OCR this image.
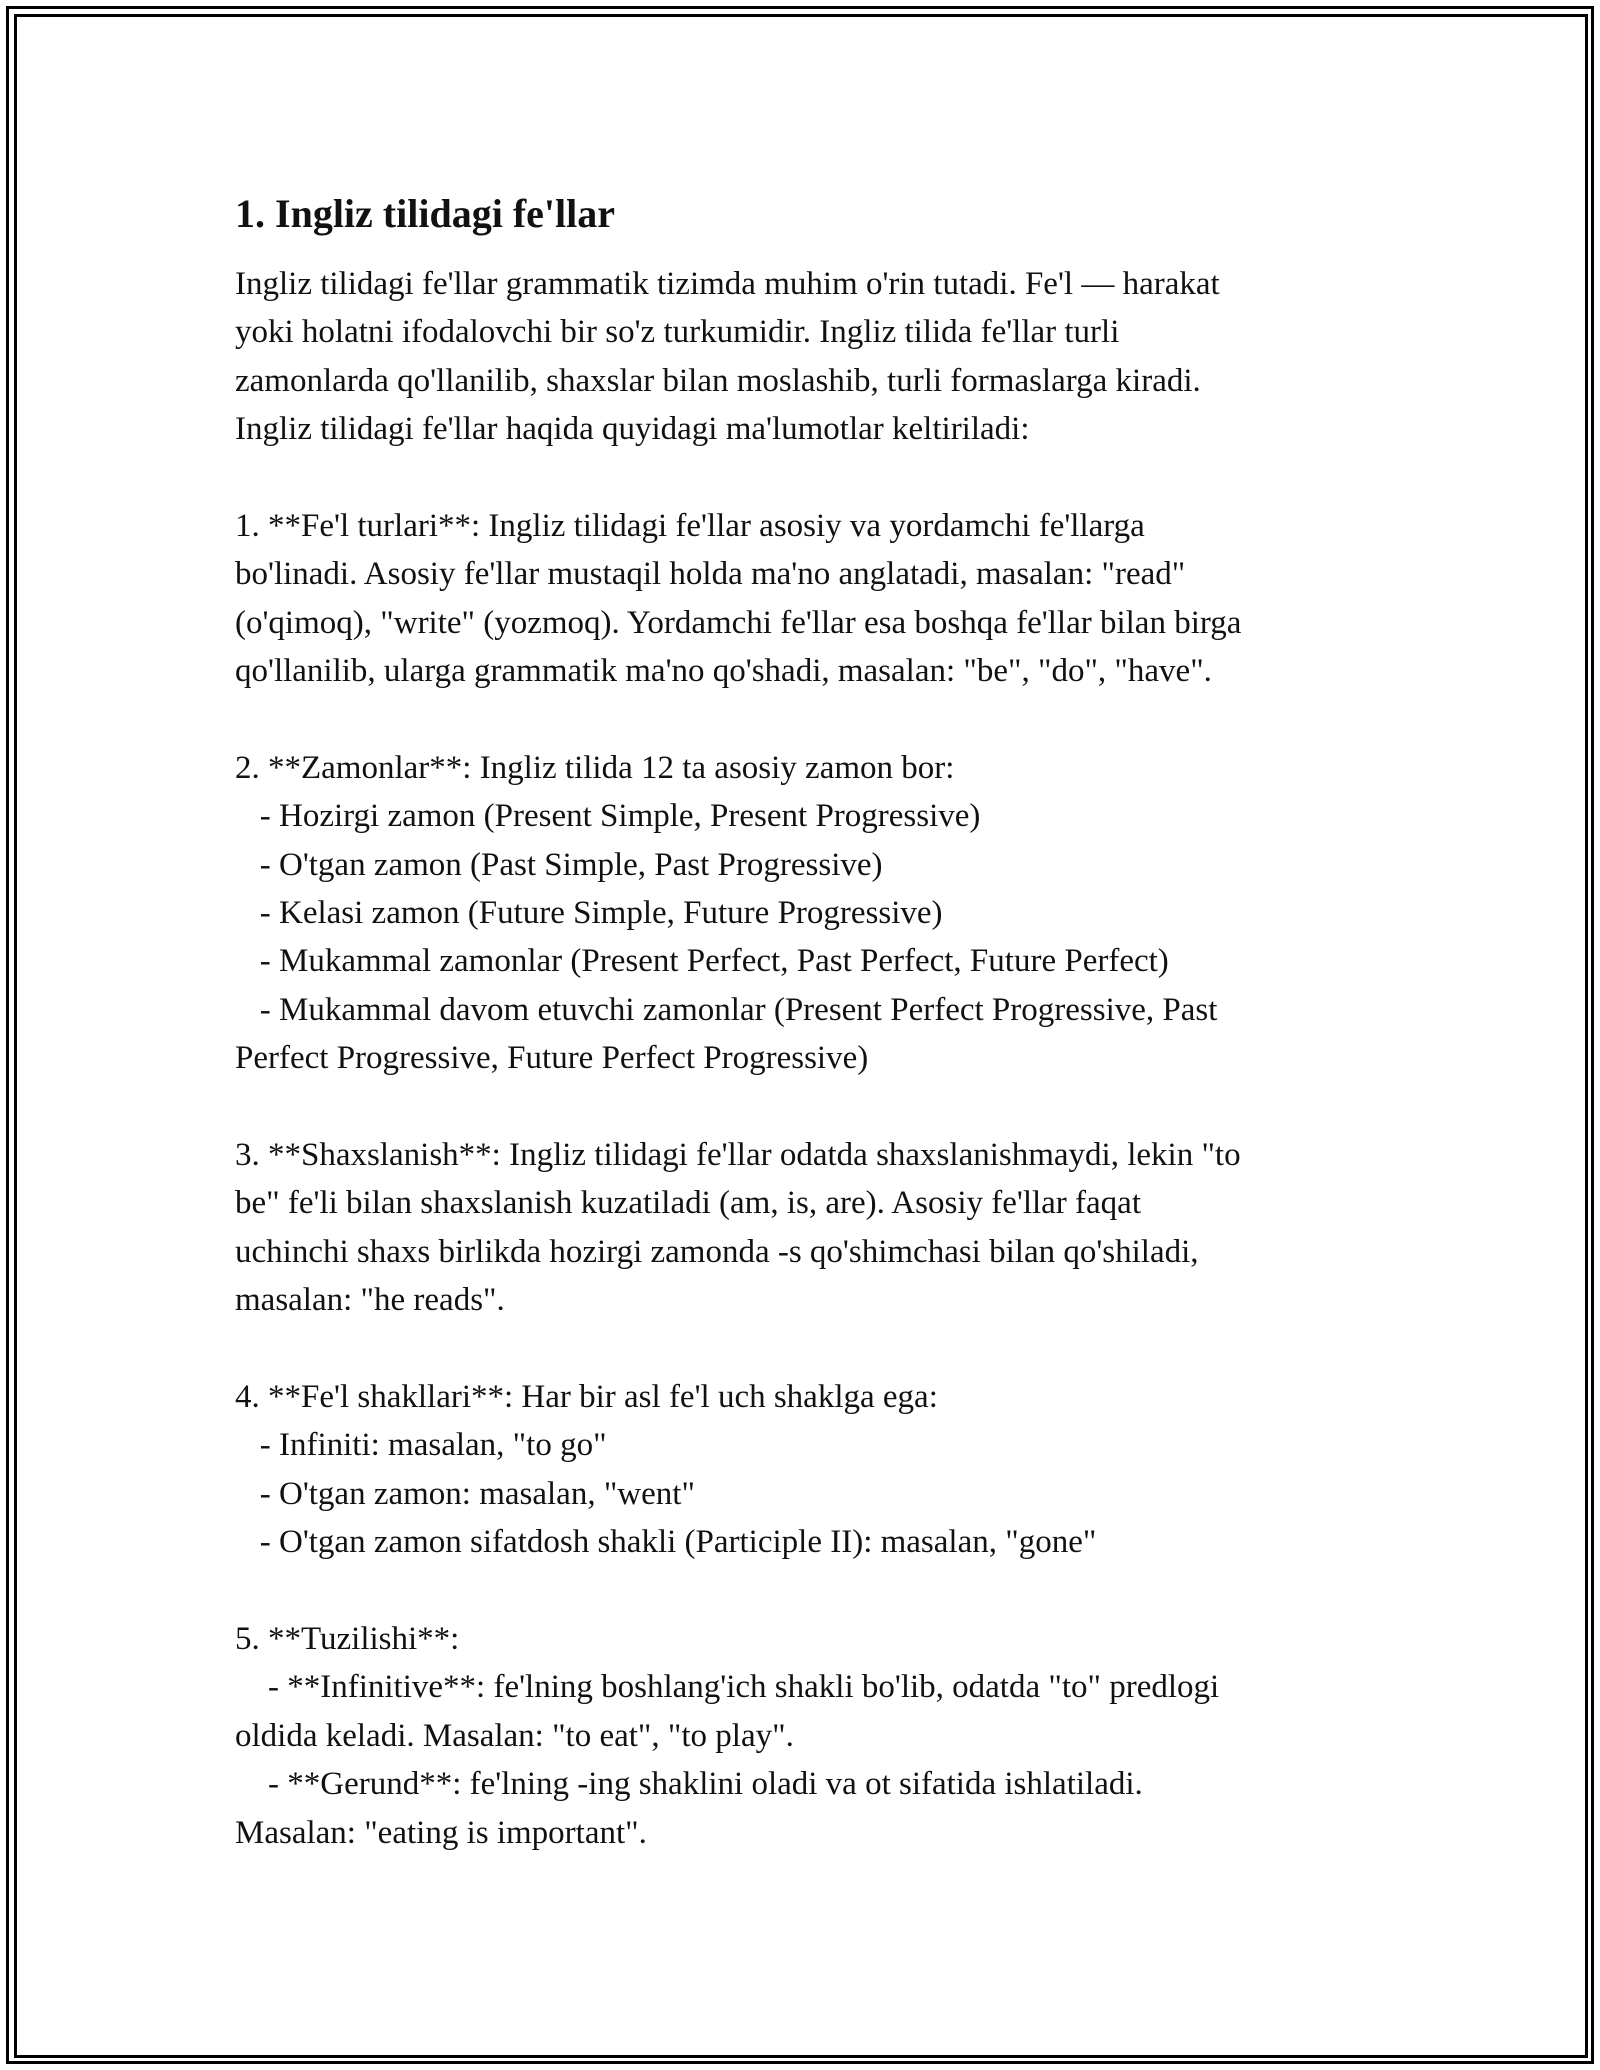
1. Ingliz tilidagi fe'llar
Ingliz tilidagi fe'llar grammatik tizimda muhim o'rin tutadi. Fe'l — harakat
yoki holatni ifodalovchi bir so'z turkumidir. Ingliz tilida fe'llar turli
zamonlarda qo'llanilib, shaxslar bilan moslashib, turli formaslarga kiradi.
Ingliz tilidagi fe'llar haqida quyidagi ma'lumotlar keltiriladi:
1. **Fe'l turlari**: Ingliz tilidagi fe'llar asosiy va yordamchi fe'llarga
bo'linadi. Asosiy fe'llar mustaqil holda ma'no anglatadi, masalan: "read"
(o'qimoq), "write" (yozmoq). Yordamchi fe'llar esa boshqa fe'llar bilan birga
qo'llanilib, ularga grammatik ma'no qo'shadi, masalan: "be", "do", "have".
2. **Zamonlar**: Ingliz tilida 12 ta asosiy zamon bor:
- Hozirgi zamon (Present Simple, Present Progressive)
- O'tgan zamon (Past Simple, Past Progressive)
- Kelasi zamon (Future Simple, Future Progressive)
- Mukammal zamonlar (Present Perfect, Past Perfect, Future Perfect)
- Mukammal davom etuvchi zamonlar (Present Perfect Progressive, Past
Perfect Progressive, Future Perfect Progressive)
3. **Shaxslanish**: Ingliz tilidagi fe'llar odatda shaxslanishmaydi, lekin "to
be" fe'li bilan shaxslanish kuzatiladi (am, is, are). Asosiy fe'llar faqat
uchinchi shaxs birlikda hozirgi zamonda -s qo'shimchasi bilan qo'shiladi,
masalan: "he reads".
4. **Fe'l shakllari**: Har bir asl fe'l uch shaklga ega:
- Infiniti: masalan, "to go"
- O'tgan zamon: masalan, "went"
- O'tgan zamon sifatdosh shakli (Participle II): masalan, "gone"
5. **Tuzilishi**:
- **Infinitive**: fe'lning boshlang'ich shakli bo'lib, odatda "to" predlogi
oldida keladi. Masalan: "to eat", "to play".
- **Gerund**: fe'lning -ing shaklini oladi va ot sifatida ishlatiladi.
Masalan: "eating is important".
